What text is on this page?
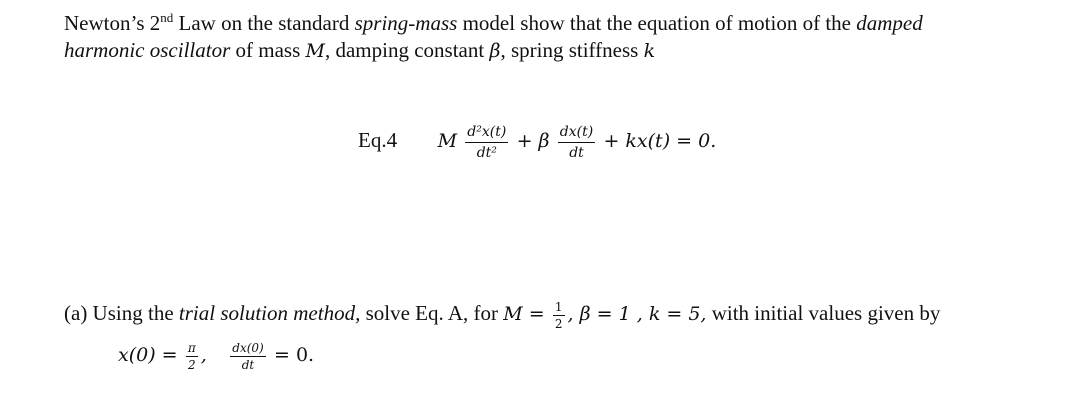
Newton’s 2nd Law on the standard spring-mass model show that the equation of motion of the damped
harmonic oscillator of mass M, damping constant β, spring stiffness k
Eq.4 M $\frac{\text{d²x(t)}}{\text{dt²}} + \beta \frac{dx(t)}{dt} + kx(t) = 0$.
(a) Using the trial solution method, solve Eq. A, for $M = \frac{1}{2}$ , β = 1 , k = 5, with initial values given by
$x(0) = \frac{\pi}{2}$ , $\frac{dx(0)}{dt} = 0$.
